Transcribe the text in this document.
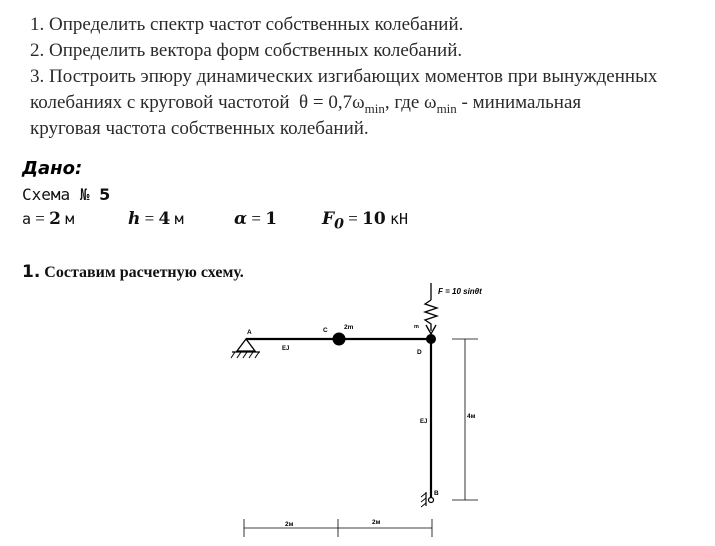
1. Определить спектр частот собственных колебаний.
2. Определить вектора форм собственных колебаний.
3. Построить эпюру динамических изгибающих моментов при вынужденных
колебаниях с круговой частотой $\theta = 0,7\omega_{min}$, где $\omega_{min}$ - минимальная
круговая частота собственных колебаний.
Дано:
Схема № 5
a = 2 м	h = 4 м	α = 1	$F_0 = 10$ кН
1. Составим расчетную схему.
F = 10 sinθt
A	C	2m	m
D
EJ
EJ
4м
B
2м	2м
